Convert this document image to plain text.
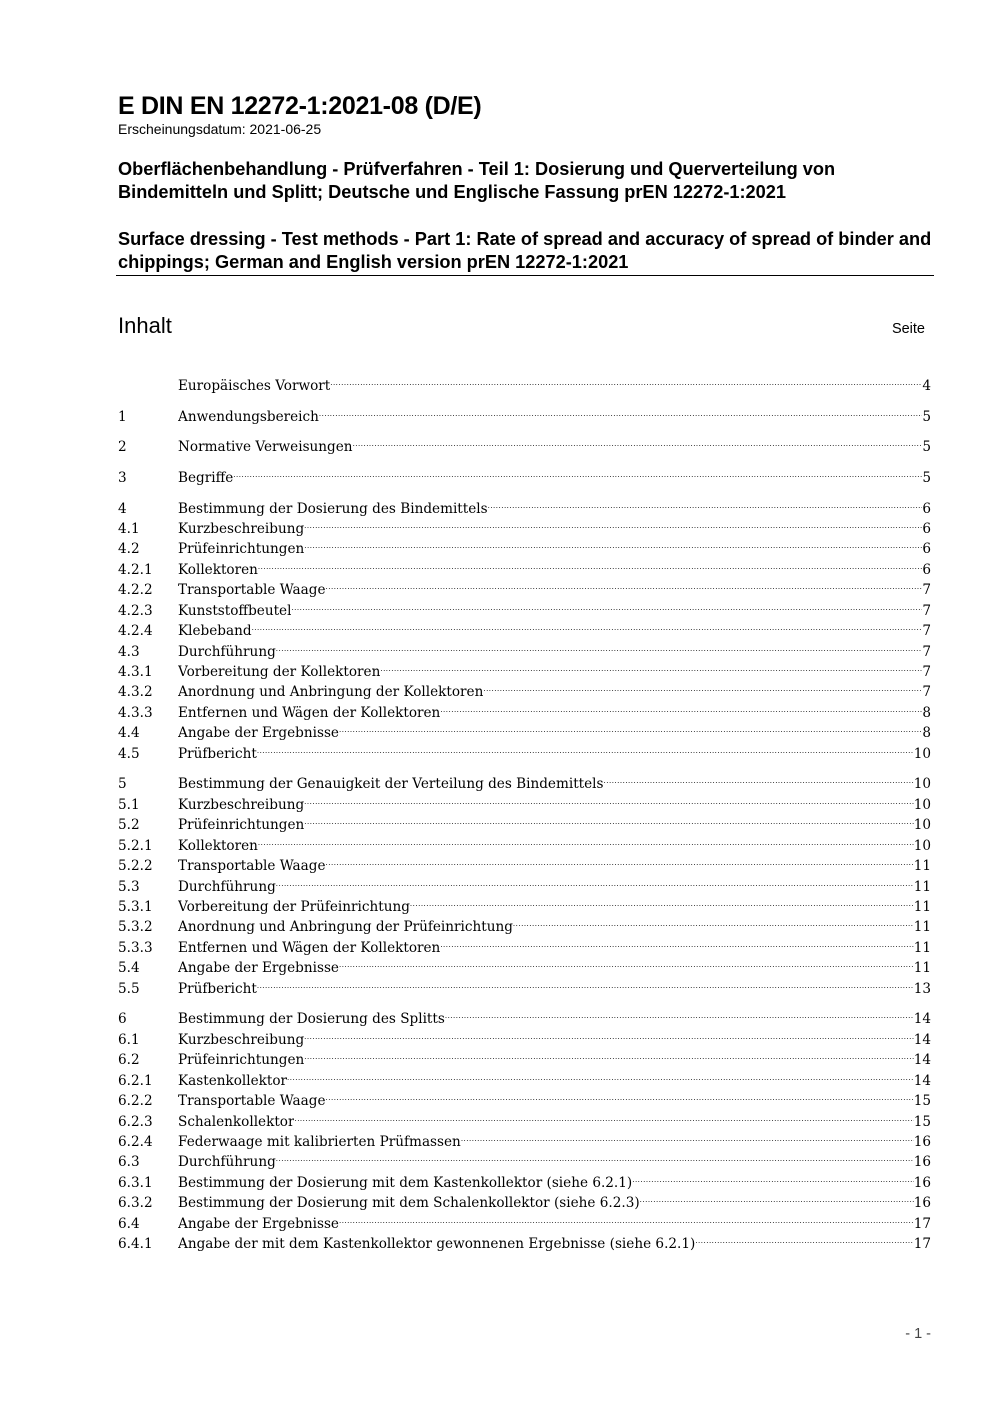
E DIN EN 12272-1:2021-08 (D/E)
Erscheinungsdatum: 2021-06-25
Oberflächenbehandlung - Prüfverfahren - Teil 1: Dosierung und Querverteilung von Bindemitteln und Splitt; Deutsche und Englische Fassung prEN 12272-1:2021
Surface dressing - Test methods - Part 1: Rate of spread and accuracy of spread of binder and chippings; German and English version prEN 12272-1:2021
Inhalt	Seite
Europäisches Vorwort .....	4
1	Anwendungsbereich .....	5
2	Normative Verweisungen .....	5
3	Begriffe .....	5
4	Bestimmung der Dosierung des Bindemittels .....	6
4.1	Kurzbeschreibung .....	6
4.2	Prüfeinrichtungen .....	6
4.2.1	Kollektoren .....	6
4.2.2	Transportable Waage .....	7
4.2.3	Kunststoffbeutel .....	7
4.2.4	Klebeband .....	7
4.3	Durchführung .....	7
4.3.1	Vorbereitung der Kollektoren .....	7
4.3.2	Anordnung und Anbringung der Kollektoren .....	7
4.3.3	Entfernen und Wägen der Kollektoren .....	8
4.4	Angabe der Ergebnisse .....	8
4.5	Prüfbericht .....	10
5	Bestimmung der Genauigkeit der Verteilung des Bindemittels .....	10
5.1	Kurzbeschreibung .....	10
5.2	Prüfeinrichtungen .....	10
5.2.1	Kollektoren .....	10
5.2.2	Transportable Waage .....	11
5.3	Durchführung .....	11
5.3.1	Vorbereitung der Prüfeinrichtung .....	11
5.3.2	Anordnung und Anbringung der Prüfeinrichtung .....	11
5.3.3	Entfernen und Wägen der Kollektoren .....	11
5.4	Angabe der Ergebnisse .....	11
5.5	Prüfbericht .....	13
6	Bestimmung der Dosierung des Splitts .....	14
6.1	Kurzbeschreibung .....	14
6.2	Prüfeinrichtungen .....	14
6.2.1	Kastenkollektor .....	14
6.2.2	Transportable Waage .....	15
6.2.3	Schalenkollektor .....	15
6.2.4	Federwaage mit kalibrierten Prüfmassen .....	16
6.3	Durchführung .....	16
6.3.1	Bestimmung der Dosierung mit dem Kastenkollektor (siehe 6.2.1) .....	16
6.3.2	Bestimmung der Dosierung mit dem Schalenkollektor (siehe 6.2.3) .....	16
6.4	Angabe der Ergebnisse .....	17
6.4.1	Angabe der mit dem Kastenkollektor gewonnenen Ergebnisse (siehe 6.2.1) .....	17
- 1 -
